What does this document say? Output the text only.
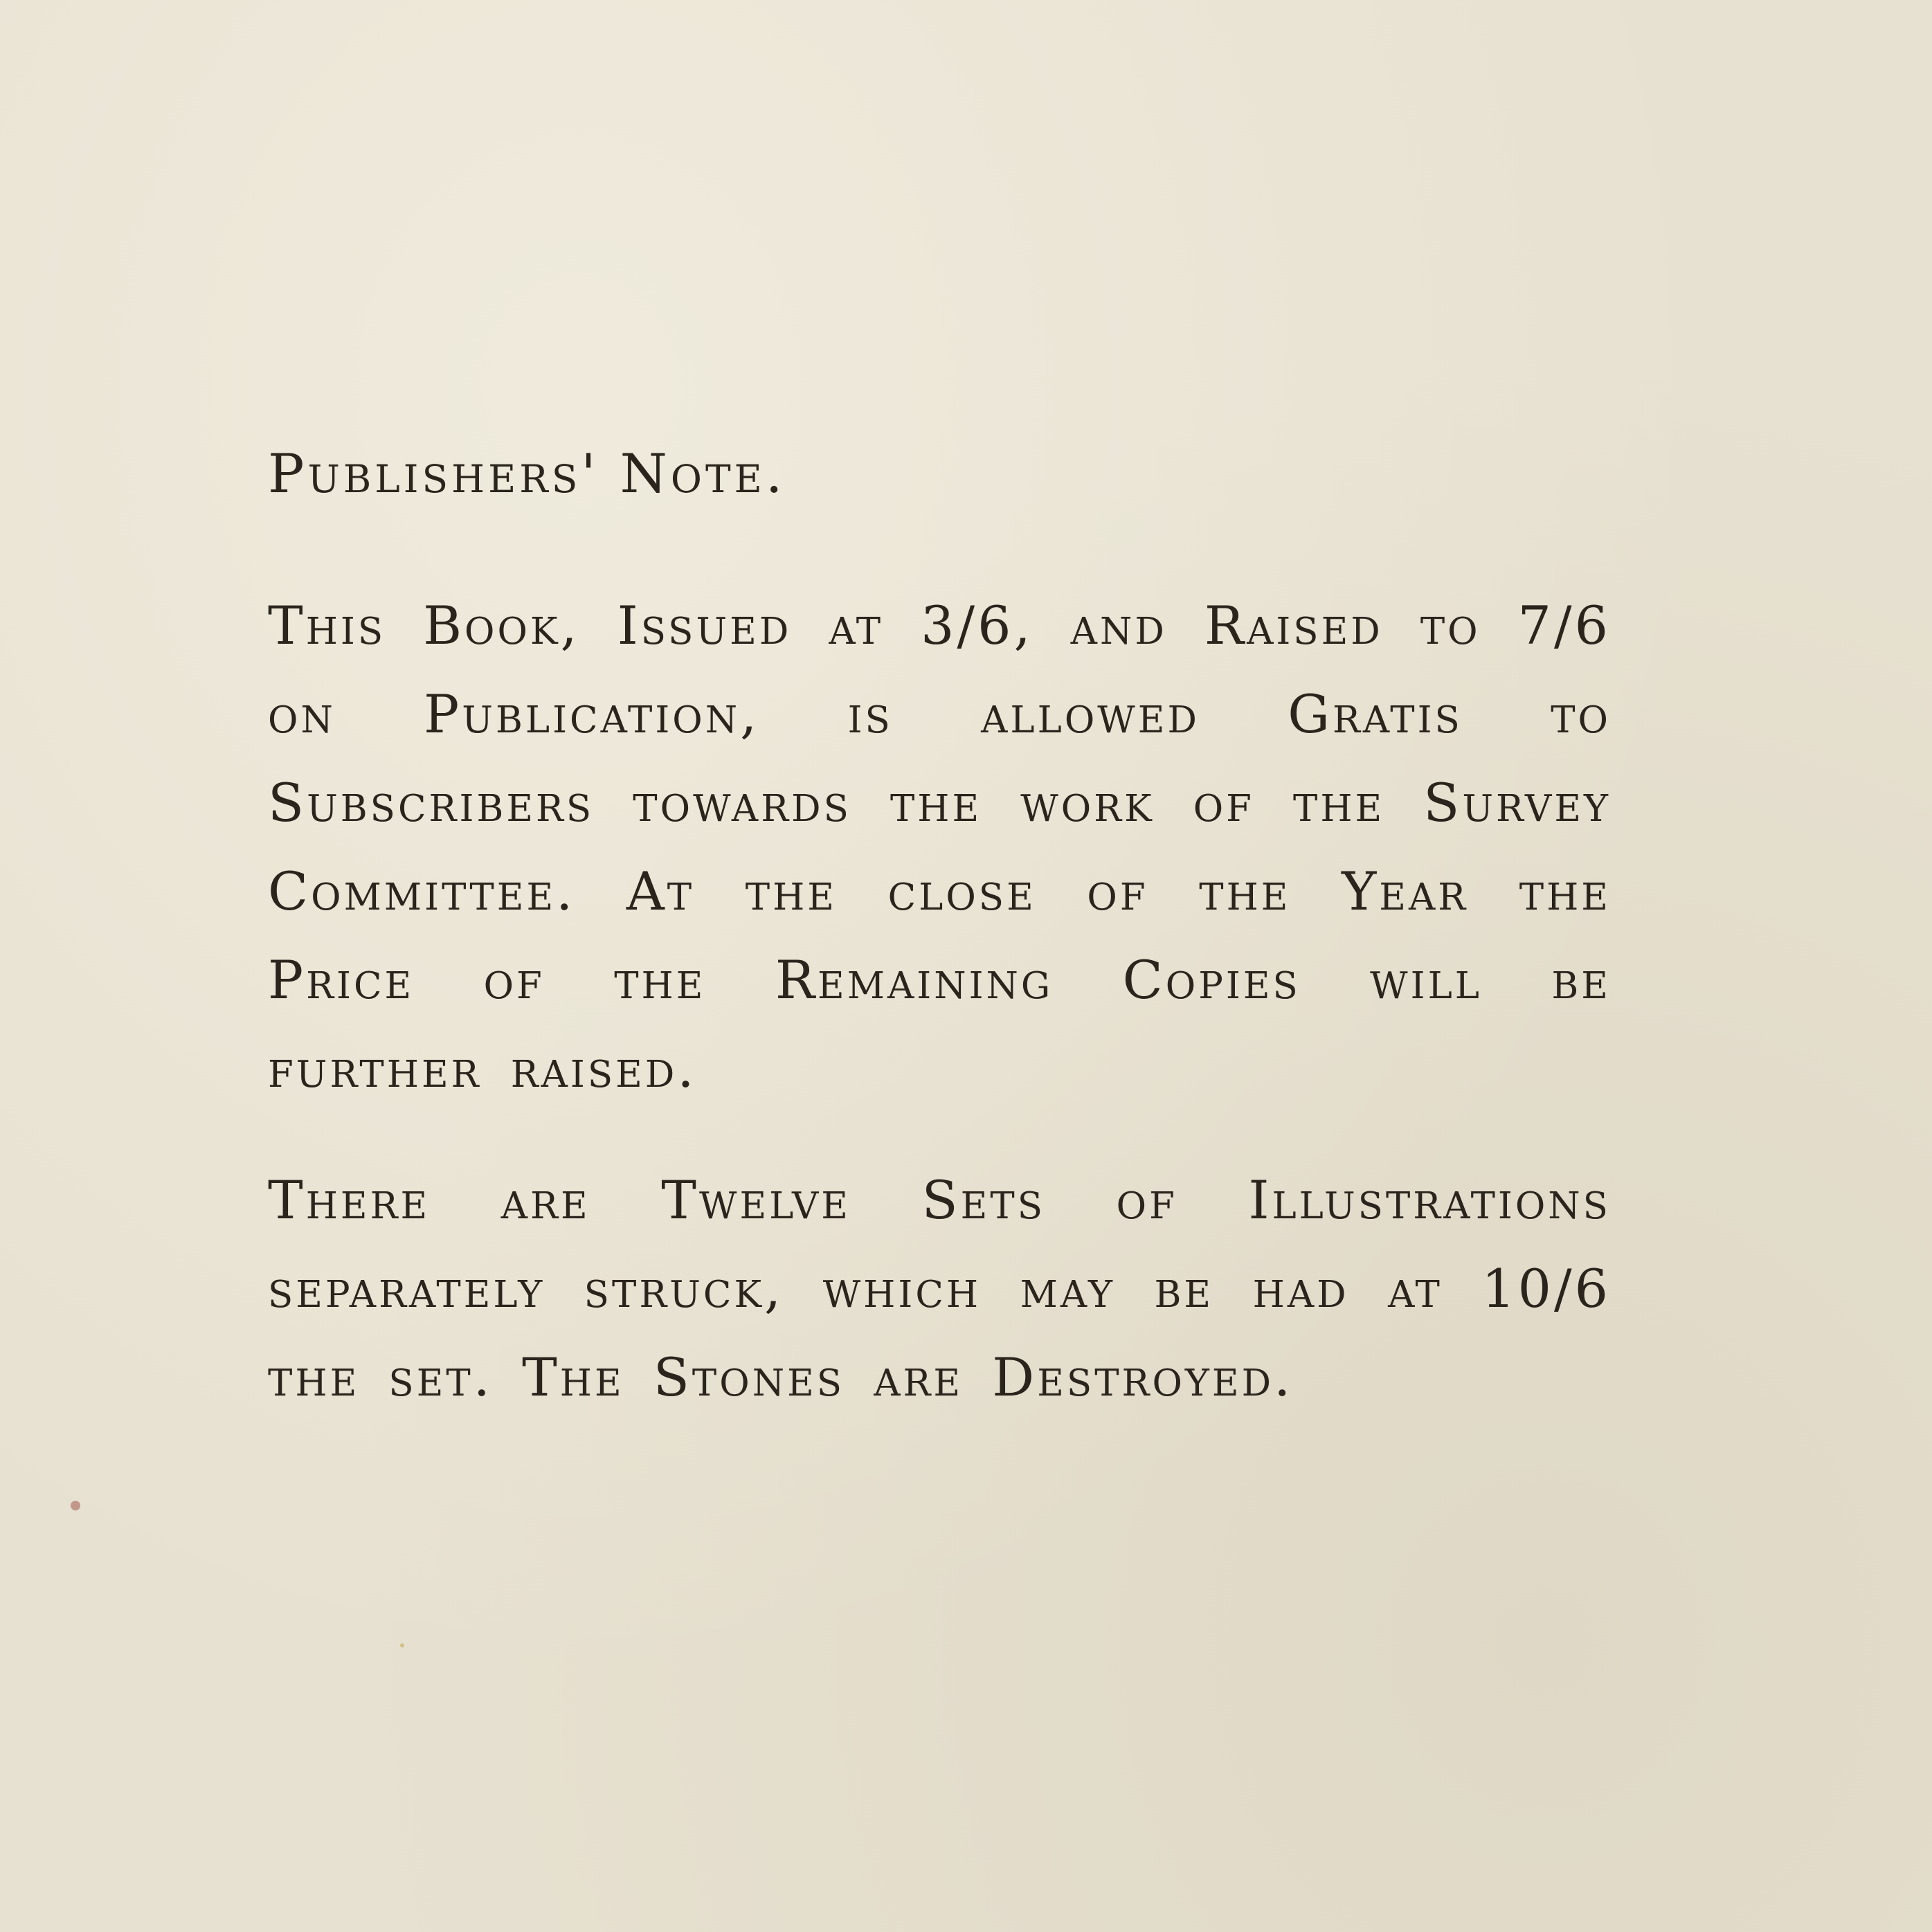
Publishers' Note.

This Book, Issued at 3/6, and Raised to 7/6 on Publication, is allowed Gratis to Subscribers towards the work of the Survey Committee. At the close of the Year the Price of the Remaining Copies will be further raised.

There are Twelve Sets of Illustrations separately struck, which may be had at 10/6 the set. The Stones are Destroyed.
